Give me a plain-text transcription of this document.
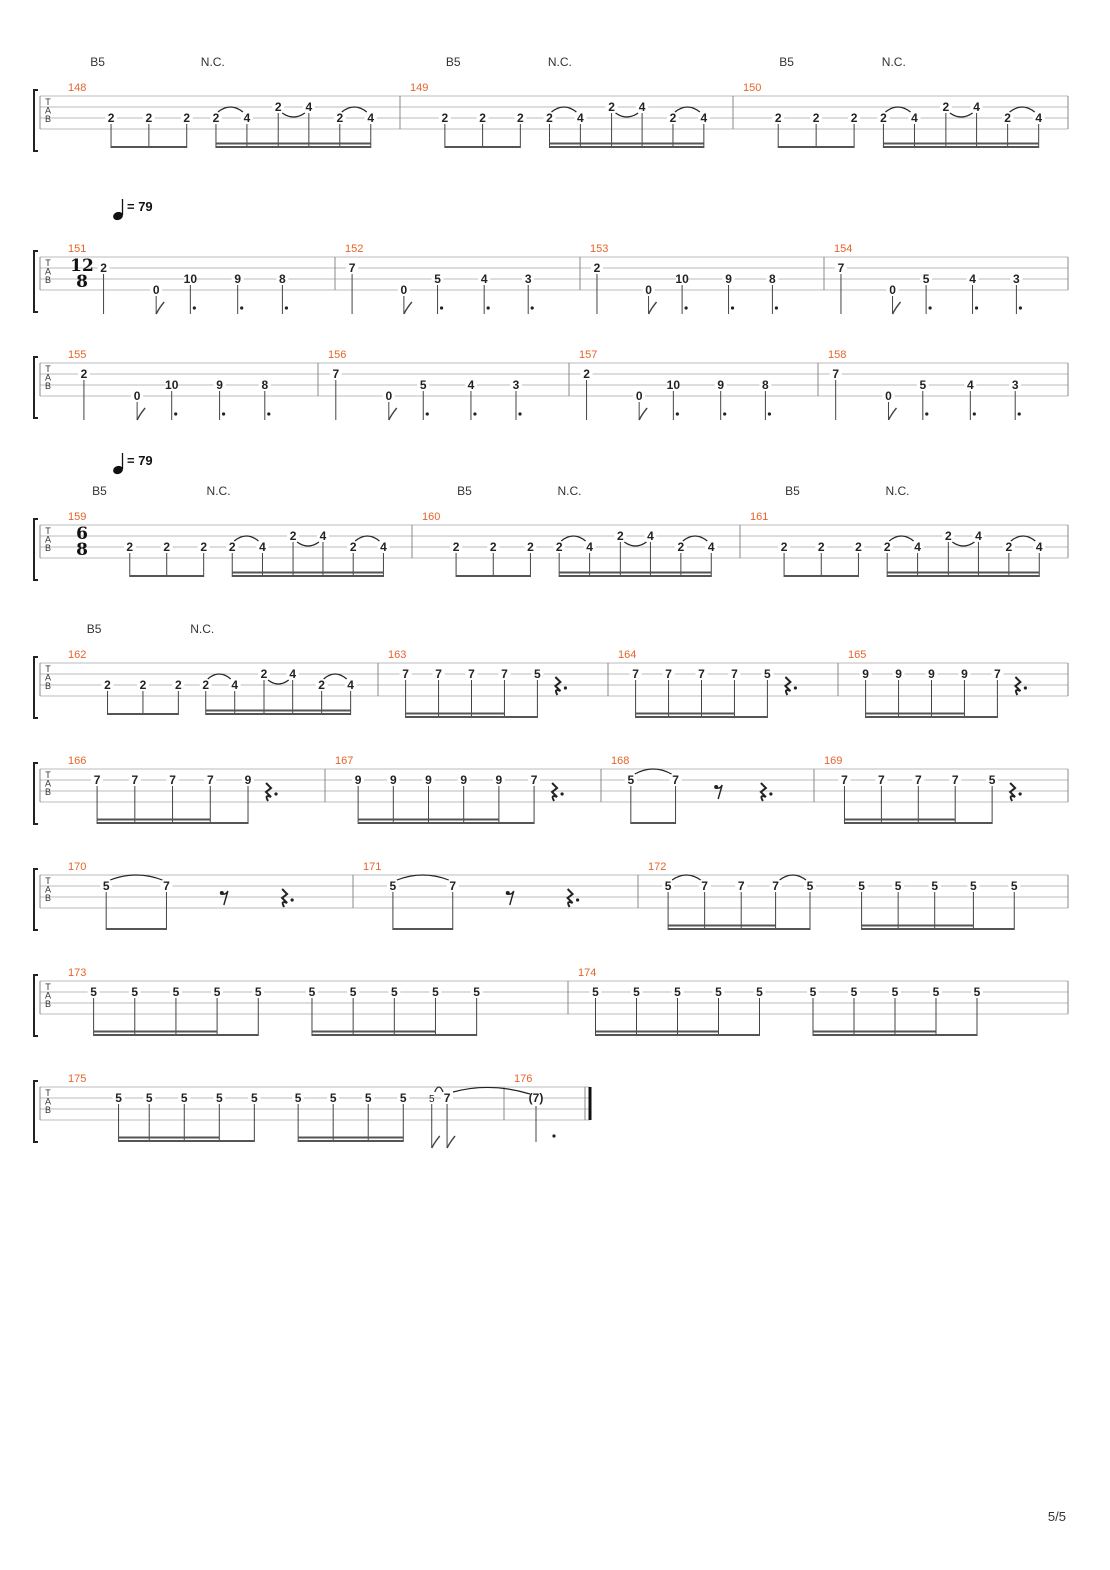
T
A
B
B5	N.C.	B5	N.C.	B5	N.C.
148
2	2	2 2 4
2 4
2 4
149
2	2	2 2 4
2 4
2 4
150
2	2	2 2 4
2 4
2 4
T
A
B
12
8
151
2
0
10	9	8
152
7
0
5	4	3
153
2
0
10	9	8
154
7
0
5	4	3
T
A
B
155
2
0
10	9	8
156
7
0
5	4	3
157
2
0
10	9	8
158
7
0
5	4	3
T
A
B
B5	N.C.	B5	N.C.	B5	N.C.
6
8
159
2	2	2 2 4
2 4
2 4
160
2	2	2 2 4
2 4
2 4
161
2	2	2 2 4
2 4
2 4
T
A
B
B5	N.C.
162
2 2 2 2 4
2 4
2 4
163
7 7 7 7 5
164
7 7 7 7 5
165
9 9 9 9 7
T
A
B
166
7	7	7	7	9
167
9 9 9 9 9 7
168
5	7
169
7	7	7	7	5
T
A
B
170
5	7
171
5	7
172
5 7 7 7 5	5 5 5	5	5
T
A
B
173
5	5	5	5	5	5	5	5	5	5
174
5	5	5	5	5	5	5	5	5	5
T
A
B
175
5 5 5 5 5	5 5 5 5 5 7
176
(7)
= 79
= 79
5/5
